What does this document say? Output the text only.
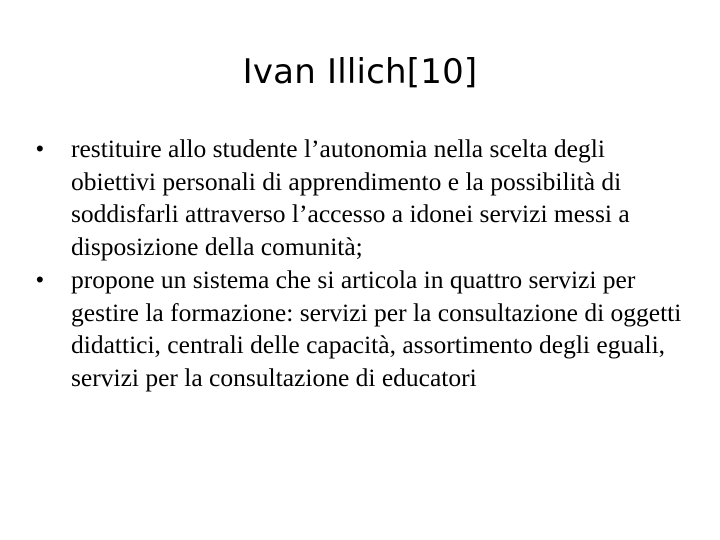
Ivan Illich[10]
• restituire allo studente l’autonomia nella scelta degli obiettivi personali di apprendimento e la possibilità di soddisfarli attraverso l’accesso a idonei servizi messi a disposizione della comunità;
• propone un sistema che si articola in quattro servizi per gestire la formazione: servizi per la consultazione di oggetti didattici, centrali delle capacità, assortimento degli eguali, servizi per la consultazione di educatori
